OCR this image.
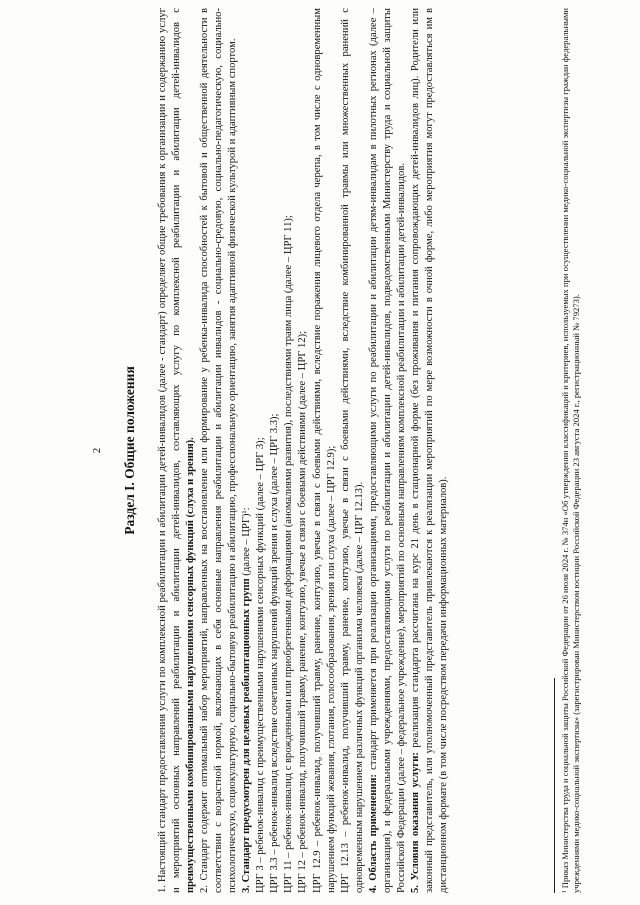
2 Раздел I. Общие положения 1. Настоящий стандарт предоставления услуги по комплексной реабилитации и абилитации детей-инвалидов (далее - стандарт) определяет общие требования к организации и содержанию услуг и мероприятий основных направлений реабилитации и абилитации детей-инвалидов, составляющих услугу по комплексной реабилитации и абилитации детей-инвалидов с преимущественными комбинированными нарушениями сенсорных функций (слуха и зрения). 2. Стандарт содержит оптимальный набор мероприятий, направленных на восстановление или формирование у ребенка-инвалида способностей к бытовой и общественной деятельности в соответствии с возрастной нормой, включающих в себя основные направления реабилитации и абилитации инвалидов - социально-средовую, социально-педагогическую, социально-психологическую, социокультурную, социально-бытовую реабилитацию и абилитацию, профессиональную ориентацию, занятия адаптивной физической культурой и адаптивным спортом. 3. Стандарт предусмотрен для целевых реабилитационных групп (далее – ЦРГ)¹: ЦРГ 3 – ребенок-инвалид с преимущественными нарушениями сенсорных функций (далее – ЦРГ 3); ЦРГ 3.3 – ребенок-инвалид вследствие сочетанных нарушений функций зрения и слуха (далее – ЦРГ 3.3); ЦРГ 11 – ребенок-инвалид с врожденными или приобретенными деформациями (аномалиями развития), последствиями травм лица (далее – ЦРГ 11); ЦРГ 12 – ребенок-инвалид, получивший травму, ранение, контузию, увечье в связи с боевыми действиями (далее – ЦРГ 12); ЦРГ 12.9 – ребенок-инвалид, получивший травму, ранение, контузию, увечье в связи с боевыми действиями, вследствие поражения лицевого отдела черепа, в том числе с одновременным нарушением функций жевания, глотания, голосообразования, зрения или слуха (далее – ЦРГ 12.9); ЦРГ 12.13 – ребенок-инвалид, получивший травму, ранение, контузию, увечье в связи с боевыми действиями, вследствие комбинированной травмы или множественных ранений с одновременным нарушением различных функций организма человека (далее – ЦРГ 12.13). 4. Область применения: стандарт применяется при реализации организациями, предоставляющими услуги по реабилитации и абилитации детям-инвалидам в пилотных регионах (далее – организация), и федеральными учреждениями, предоставляющими услуги по реабилитации и абилитации детей-инвалидов, подведомственными Министерству труда и социальной защиты Российской Федерации (далее – федеральное учреждение), мероприятий по основным направлениям комплексной реабилитации и абилитации детей-инвалидов. 5. Условия оказания услуги: реализация стандарта рассчитана на курс 21 день в стационарной форме (без проживания и питания сопровождающих детей-инвалидов лиц). Родители или законный представитель, или уполномоченный представитель привлекаются к реализации мероприятий по мере возможности в очной форме, либо мероприятия могут предоставляться им в дистанционном формате (в том числе посредством передачи информационных материалов).	¹ Приказ Министерства труда и социальной защиты Российской Федерации от 26 июля 2024 г. № 374н «Об утверждении классификаций и критериев, используемых при осуществлении медико-социальной экспертизы граждан федеральными учреждениями медико-социальной экспертизы» (зарегистрирован Министерством юстиции Российской Федерации 23 августа 2024 г., регистрационный № 79273).
